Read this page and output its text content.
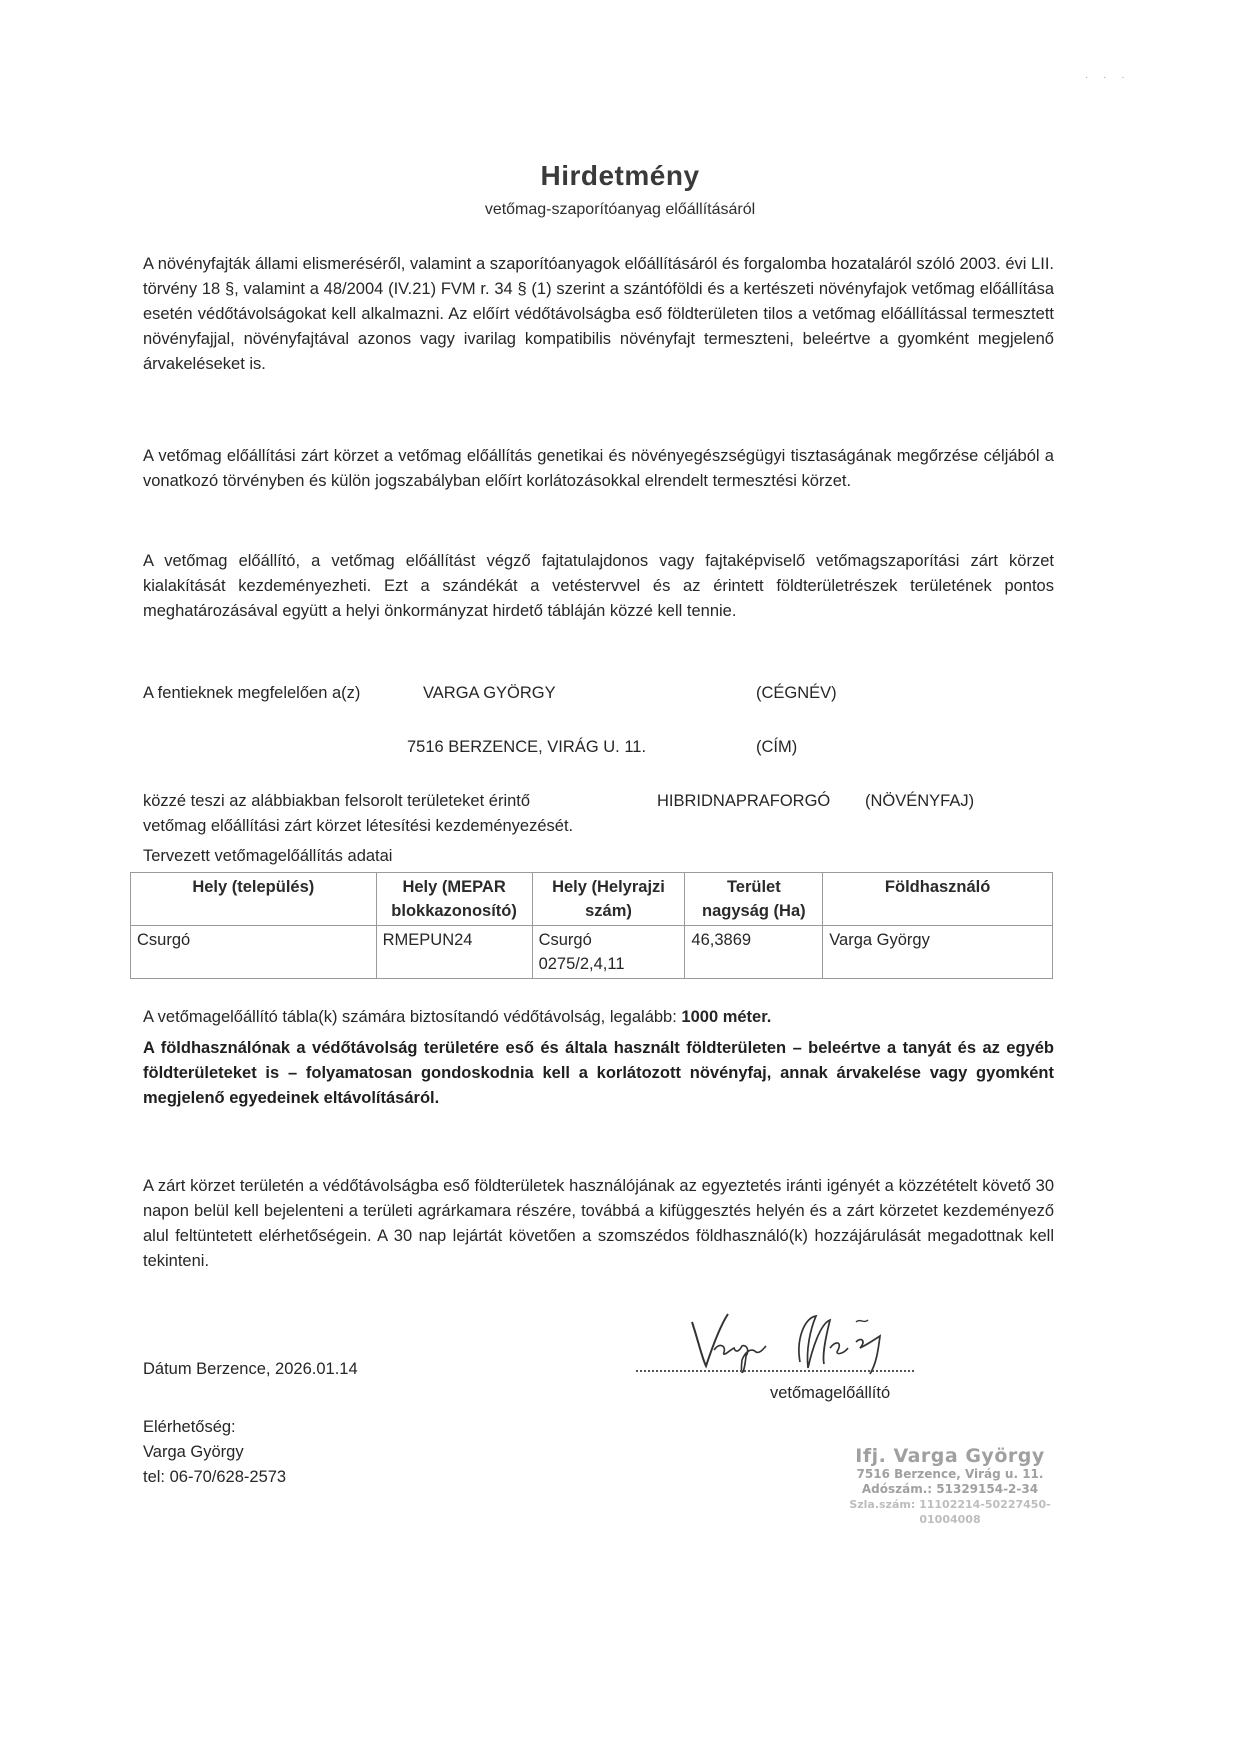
· · ·
Hirdetmény
vetőmag-szaporítóanyag előállításáról
A növényfajták állami elismeréséről, valamint a szaporítóanyagok előállításáról és forgalomba hozataláról szóló 2003. évi LII. törvény 18 §, valamint a 48/2004 (IV.21) FVM r. 34 § (1) szerint a szántóföldi és a kertészeti növényfajok vetőmag előállítása esetén védőtávolságokat kell alkalmazni. Az előírt védőtávolságba eső földterületen tilos a vetőmag előállítással termesztett növényfajjal, növényfajtával azonos vagy ivarilag kompatibilis növényfajt termeszteni, beleértve a gyomként megjelenő árvakeléseket is.
A vetőmag előállítási zárt körzet a vetőmag előállítás genetikai és növényegészségügyi tisztaságának megőrzése céljából a vonatkozó törvényben és külön jogszabályban előírt korlátozásokkal elrendelt termesztési körzet.
A vetőmag előállító, a vetőmag előállítást végző fajtatulajdonos vagy fajtaképviselő vetőmagszaporítási zárt körzet kialakítását kezdeményezheti. Ezt a szándékát a vetéstervvel és az érintett földterületrészek területének pontos meghatározásával együtt a helyi önkormányzat hirdető tábláján közzé kell tennie.
A fentieknek megfelelően a(z)	VARGA GYÖRGY	(CÉGNÉV)
7516 BERZENCE, VIRÁG U. 11.	(CÍM)
közzé teszi az alábbiakban felsorolt területeket érintő	HIBRIDNAPRAFORGÓ (NÖVÉNYFAJ)
vetőmag előállítási zárt körzet létesítési kezdeményezését.
Tervezett vetőmagelőállítás adatai
Hely (település)	Hely (MEPAR blokkazonosító)	Hely (Helyrajzi szám)	Terület nagyság (Ha)	Földhasználó
Csurgó	RMEPUN24	Csurgó 0275/2,4,11	46,3869	Varga György
A vetőmagelőállító tábla(k) számára biztosítandó védőtávolság, legalább: 1000 méter.
A földhasználónak a védőtávolság területére eső és általa használt földterületen – beleértve a tanyát és az egyéb földterületeket is – folyamatosan gondoskodnia kell a korlátozott növényfaj, annak árvakelése vagy gyomként megjelenő egyedeinek eltávolításáról.
A zárt körzet területén a védőtávolságba eső földterületek használójának az egyeztetés iránti igényét a közzétételt követő 30 napon belül kell bejelenteni a területi agrárkamara részére, továbbá a kifüggesztés helyén és a zárt körzetet kezdeményező alul feltüntetett elérhetőségein. A 30 nap lejártát követően a szomszédos földhasználó(k) hozzájárulását megadottnak kell tekinteni.
Dátum Berzence, 2026.01.14
vetőmagelőállító
Elérhetőség:
Varga György
tel: 06-70/628-2573
Ifj. Varga György
7516 Berzence, Virág u. 11.
Adószám.: 51329154-2-34
Szla.szám: 11102214-50227450-01004008
